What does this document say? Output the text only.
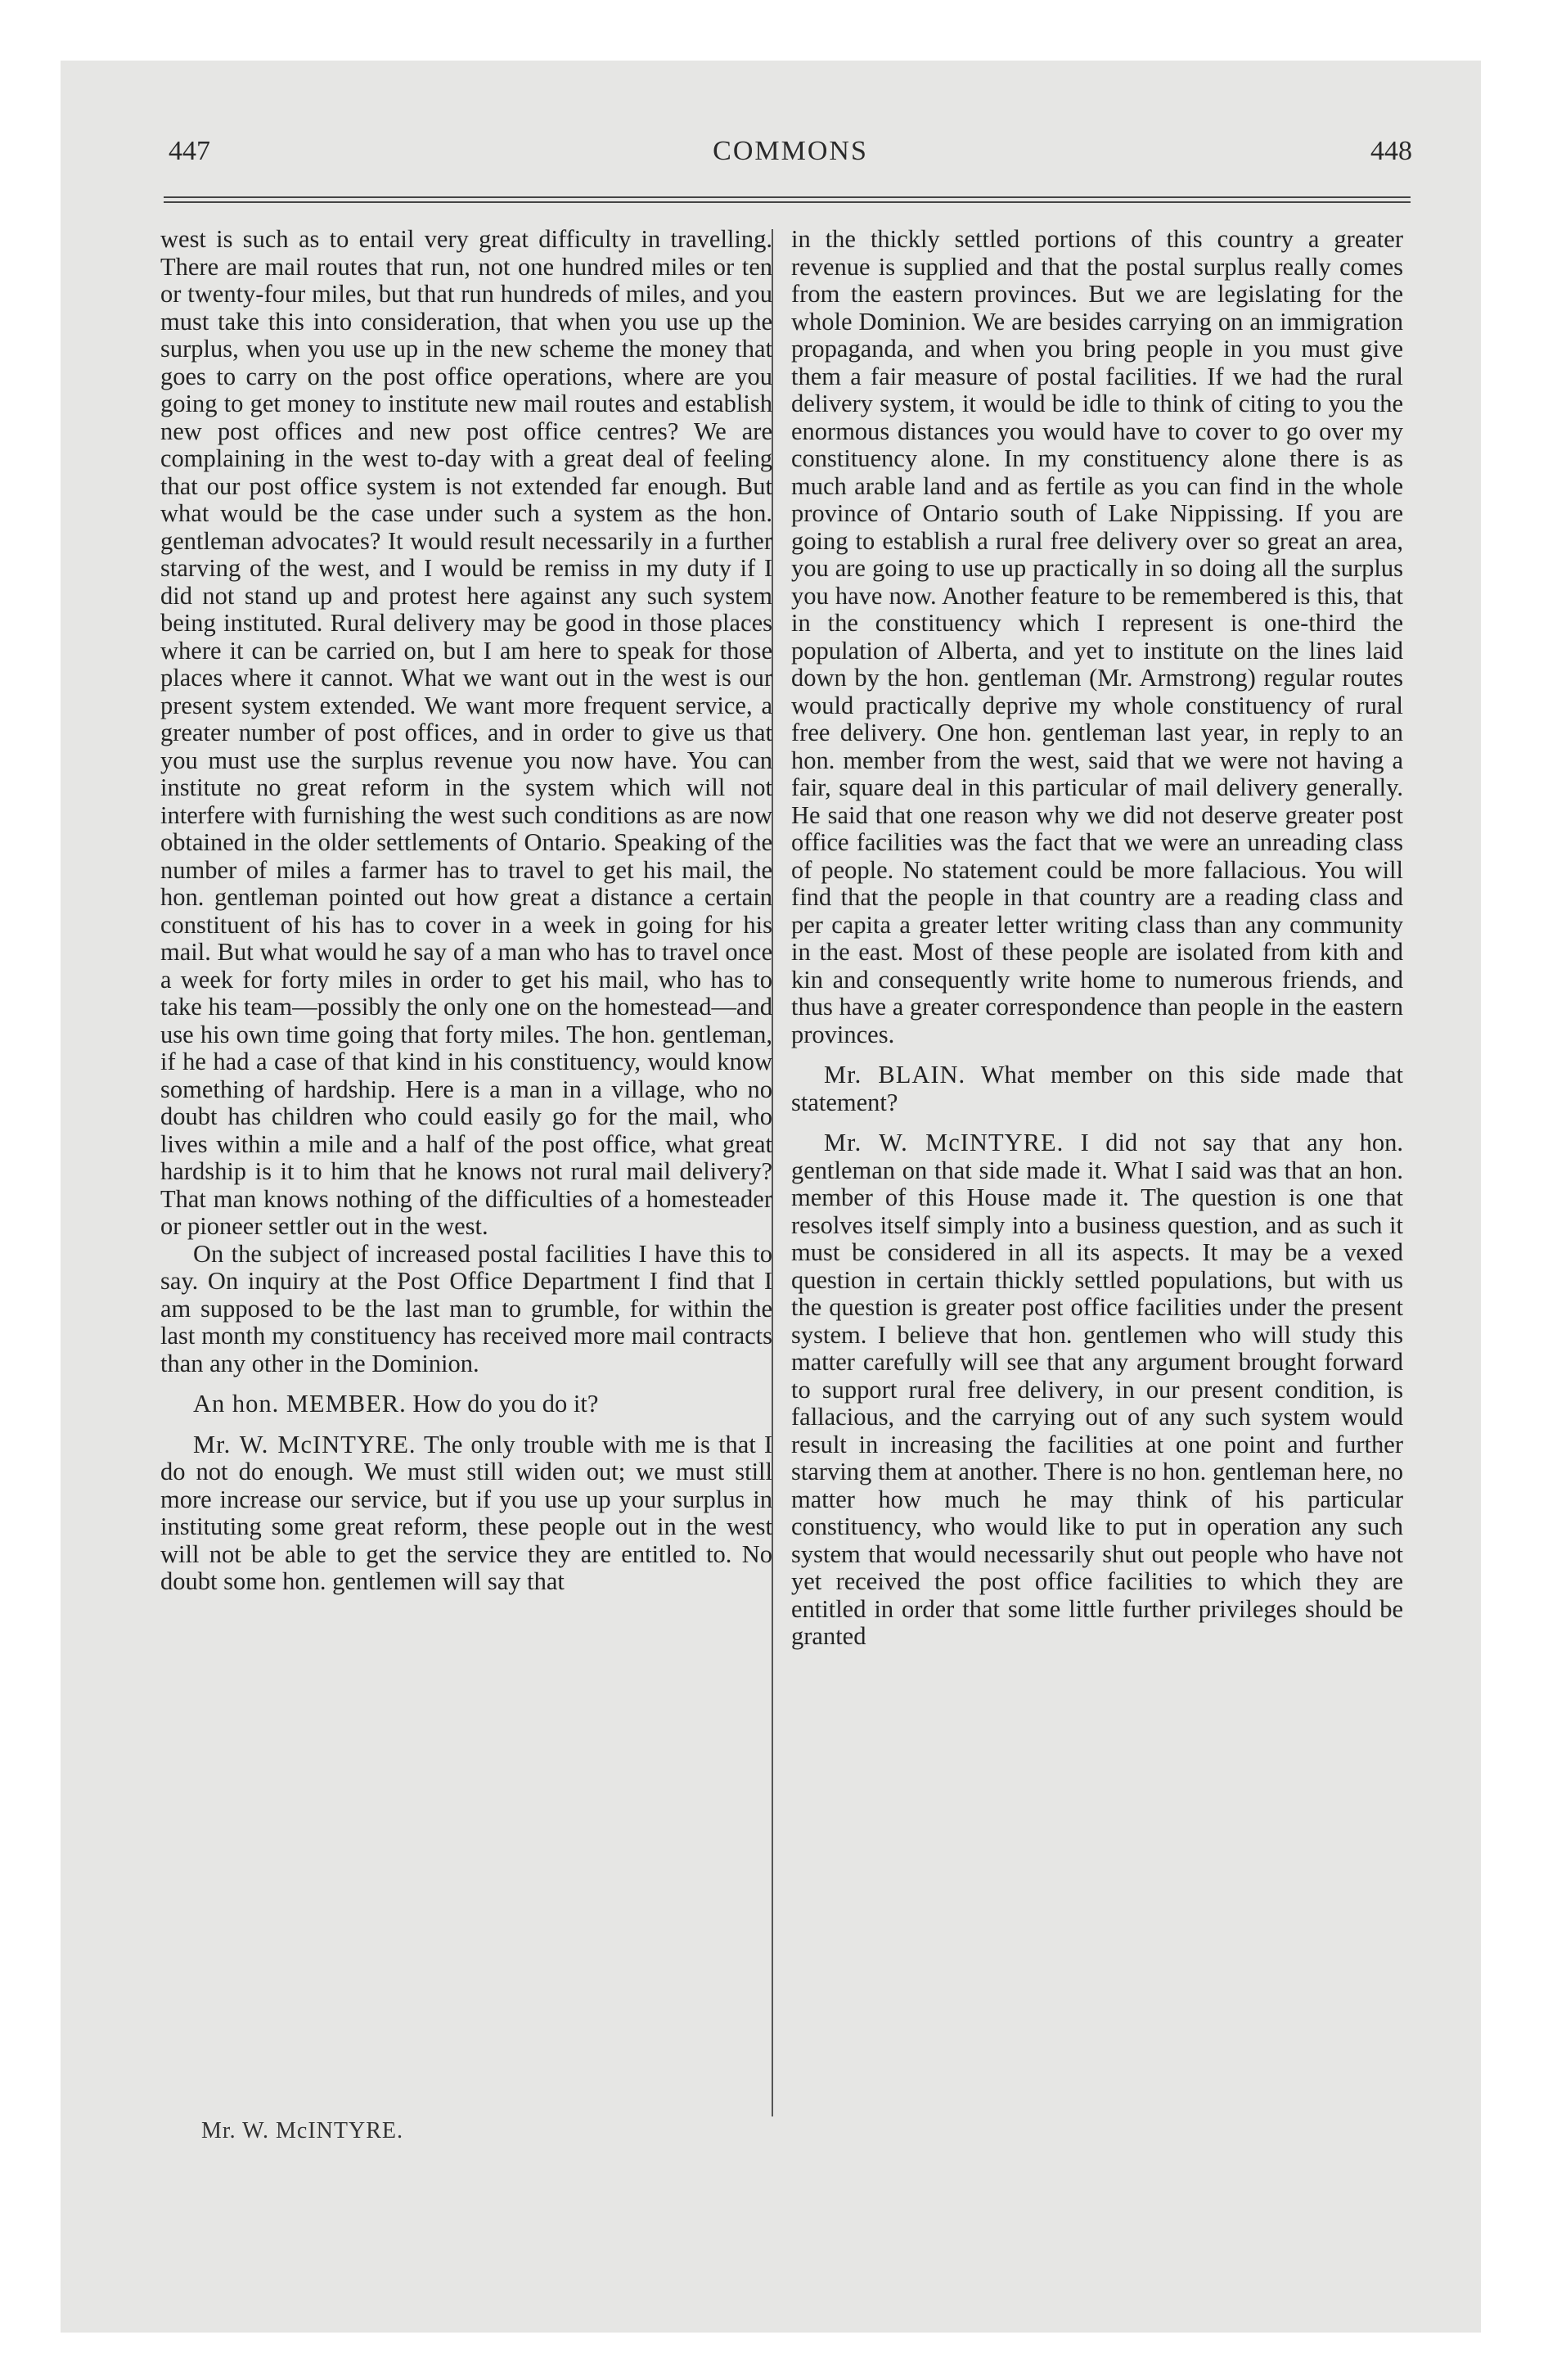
447	COMMONS	448

west is such as to entail very great difficulty in travelling. There are mail routes that run, not one hundred miles or ten or twenty-four miles, but that run hundreds of miles, and you must take this into consideration, that when you use up the surplus, when you use up in the new scheme the money that goes to carry on the post office operations, where are you going to get money to institute new mail routes and establish new post offices and new post office centres? We are complaining in the west to-day with a great deal of feeling that our post office system is not extended far enough. But what would be the case under such a system as the hon. gentleman advocates? It would result necessarily in a further starving of the west, and I would be remiss in my duty if I did not stand up and protest here against any such system being instituted. Rural delivery may be good in those places where it can be carried on, but I am here to speak for those places where it cannot. What we want out in the west is our present system extended. We want more frequent service, a greater number of post offices, and in order to give us that you must use the surplus revenue you now have. You can institute no great reform in the system which will not interfere with furnishing the west such conditions as are now obtained in the older settlements of Ontario. Speaking of the number of miles a farmer has to travel to get his mail, the hon. gentleman pointed out how great a distance a certain constituent of his has to cover in a week in going for his mail. But what would he say of a man who has to travel once a week for forty miles in order to get his mail, who has to take his team—possibly the only one on the homestead—and use his own time going that forty miles. The hon. gentleman, if he had a case of that kind in his constituency, would know something of hardship. Here is a man in a village, who no doubt has children who could easily go for the mail, who lives within a mile and a half of the post office, what great hardship is it to him that he knows not rural mail delivery? That man knows nothing of the difficulties of a homesteader or pioneer settler out in the west.

On the subject of increased postal facilities I have this to say. On inquiry at the Post Office Department I find that I am supposed to be the last man to grumble, for within the last month my constituency has received more mail contracts than any other in the Dominion.

An hon. MEMBER. How do you do it?

Mr. W. McINTYRE. The only trouble with me is that I do not do enough. We must still widen out; we must still more increase our service, but if you use up your surplus in instituting some great reform, these people out in the west will not be able to get the service they are entitled to. No doubt some hon. gentlemen will say that

in the thickly settled portions of this country a greater revenue is supplied and that the postal surplus really comes from the eastern provinces. But we are legislating for the whole Dominion. We are besides carrying on an immigration propaganda, and when you bring people in you must give them a fair measure of postal facilities. If we had the rural delivery system, it would be idle to think of citing to you the enormous distances you would have to cover to go over my constituency alone. In my constituency alone there is as much arable land and as fertile as you can find in the whole province of Ontario south of Lake Nippissing. If you are going to establish a rural free delivery over so great an area, you are going to use up practically in so doing all the surplus you have now. Another feature to be remembered is this, that in the constituency which I represent is one-third the population of Alberta, and yet to institute on the lines laid down by the hon. gentleman (Mr. Armstrong) regular routes would practically deprive my whole constituency of rural free delivery. One hon. gentleman last year, in reply to an hon. member from the west, said that we were not having a fair, square deal in this particular of mail delivery generally. He said that one reason why we did not deserve greater post office facilities was the fact that we were an unreading class of people. No statement could be more fallacious. You will find that the people in that country are a reading class and per capita a greater letter writing class than any community in the east. Most of these people are isolated from kith and kin and consequently write home to numerous friends, and thus have a greater correspondence than people in the eastern provinces.

Mr. BLAIN. What member on this side made that statement?

Mr. W. McINTYRE. I did not say that any hon. gentleman on that side made it. What I said was that an hon. member of this House made it. The question is one that resolves itself simply into a business question, and as such it must be considered in all its aspects. It may be a vexed question in certain thickly settled populations, but with us the question is greater post office facilities under the present system. I believe that hon. gentlemen who will study this matter carefully will see that any argument brought forward to support rural free delivery, in our present condition, is fallacious, and the carrying out of any such system would result in increasing the facilities at one point and further starving them at another. There is no hon. gentleman here, no matter how much he may think of his particular constituency, who would like to put in operation any such system that would necessarily shut out people who have not yet received the post office facilities to which they are entitled in order that some little further privileges should be granted

Mr. W. McINTYRE.
